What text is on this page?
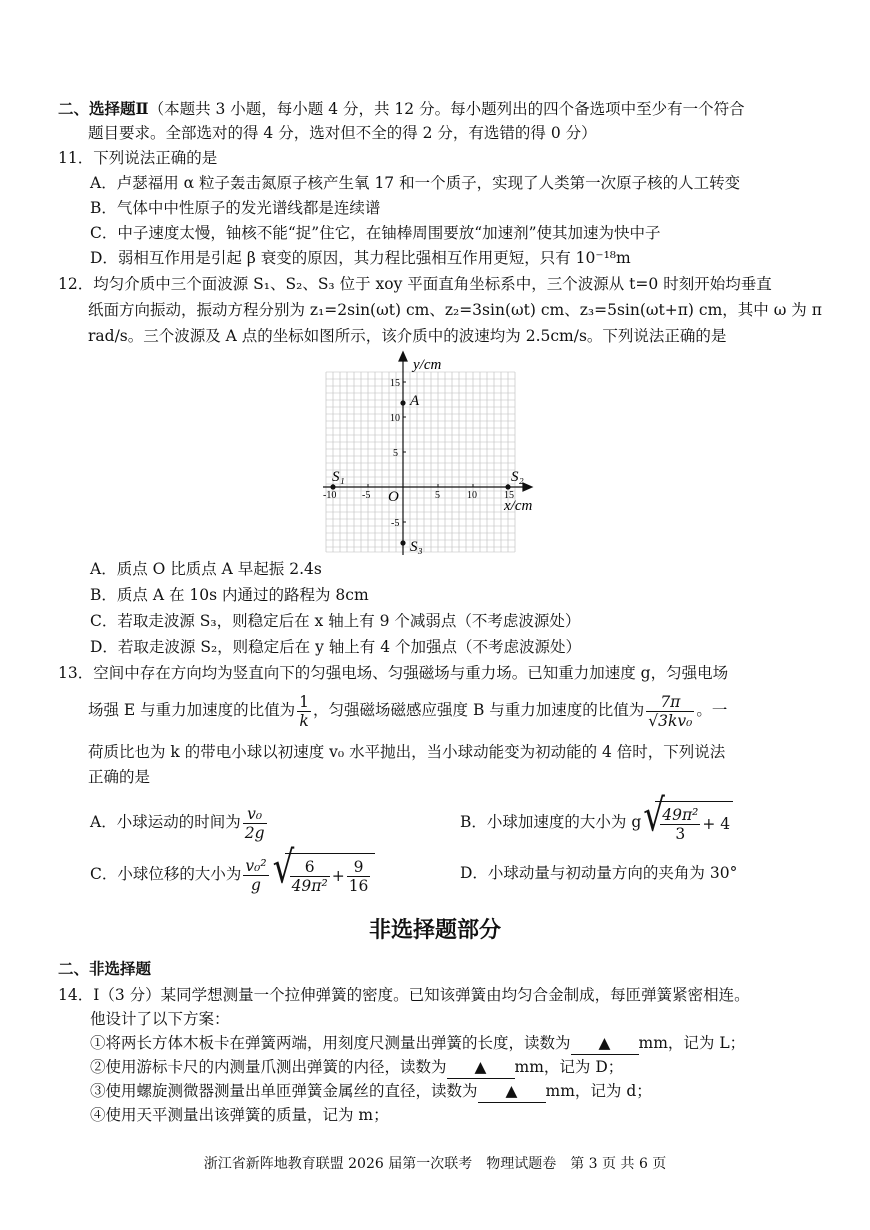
二、选择题Ⅱ（本题共 3 小题，每小题 4 分，共 12 分。每小题列出的四个备选项中至少有一个符合
题目要求。全部选对的得 4 分，选对但不全的得 2 分，有选错的得 0 分）
11．下列说法正确的是
A．卢瑟福用 α 粒子轰击氮原子核产生氧 17 和一个质子，实现了人类第一次原子核的人工转变
B．气体中中性原子的发光谱线都是连续谱
C．中子速度太慢，铀核不能“捉”住它，在铀棒周围要放“加速剂”使其加速为快中子
D．弱相互作用是引起 β 衰变的原因，其力程比强相互作用更短，只有 10⁻¹⁸m
12．均匀介质中三个面波源 S₁、S₂、S₃ 位于 xoy 平面直角坐标系中，三个波源从 t=0 时刻开始均垂直
纸面方向振动，振动方程分别为 z₁=2sin(ωt) cm、z₂=3sin(ωt) cm、z₃=5sin(ωt+π) cm，其中 ω 为 π
rad/s。三个波源及 A 点的坐标如图所示，该介质中的波速均为 2.5cm/s。下列说法正确的是
y/cm
x/cm
O
15
10
5
-5
-10	-5	5	10	15
A
S₁	S₂
S₃
A．质点 O 比质点 A 早起振 2.4s
B．质点 A 在 10s 内通过的路程为 8cm
C．若取走波源 S₃，则稳定后在 x 轴上有 9 个减弱点（不考虑波源处）
D．若取走波源 S₂，则稳定后在 y 轴上有 4 个加强点（不考虑波源处）
13．空间中存在方向均为竖直向下的匀强电场、匀强磁场与重力场。已知重力加速度 g，匀强电场
场强 E 与重力加速度的比值为 $\frac{1}{k}$ ，匀强磁场磁感应强度 B 与重力加速度的比值为 $\frac{7\pi}{\text{√3kv₀}}$ 。一
荷质比也为 k 的带电小球以初速度 v₀ 水平抛出，当小球动能变为初动能的 4 倍时，下列说法
正确的是
A．小球运动的时间为 $\frac{\text{v₀}}{2g}$	B．小球加速度的大小为 g √ $\frac{\text{49π²}}{3} + 4$
C．小球位移的大小为 $\frac{\text{v₀²}}{g}$ √ $\frac{6}{\text{49π²}} + \frac{9}{16}$	D．小球动量与初动量方向的夹角为 30°
非选择题部分
二、非选择题
14．I（3 分）某同学想测量一个拉伸弹簧的密度。已知该弹簧由均匀合金制成，每匝弹簧紧密相连。
他设计了以下方案：
①将两长方体木板卡在弹簧两端，用刻度尺测量出弹簧的长度，读数为 ▲ mm，记为 L；
②使用游标卡尺的内测量爪测出弹簧的内径，读数为 ▲ mm，记为 D；
③使用螺旋测微器测量出单匝弹簧金属丝的直径，读数为 ▲ mm，记为 d；
④使用天平测量出该弹簧的质量，记为 m；
浙江省新阵地教育联盟 2026 届第一次联考　物理试题卷　第 3 页 共 6 页
